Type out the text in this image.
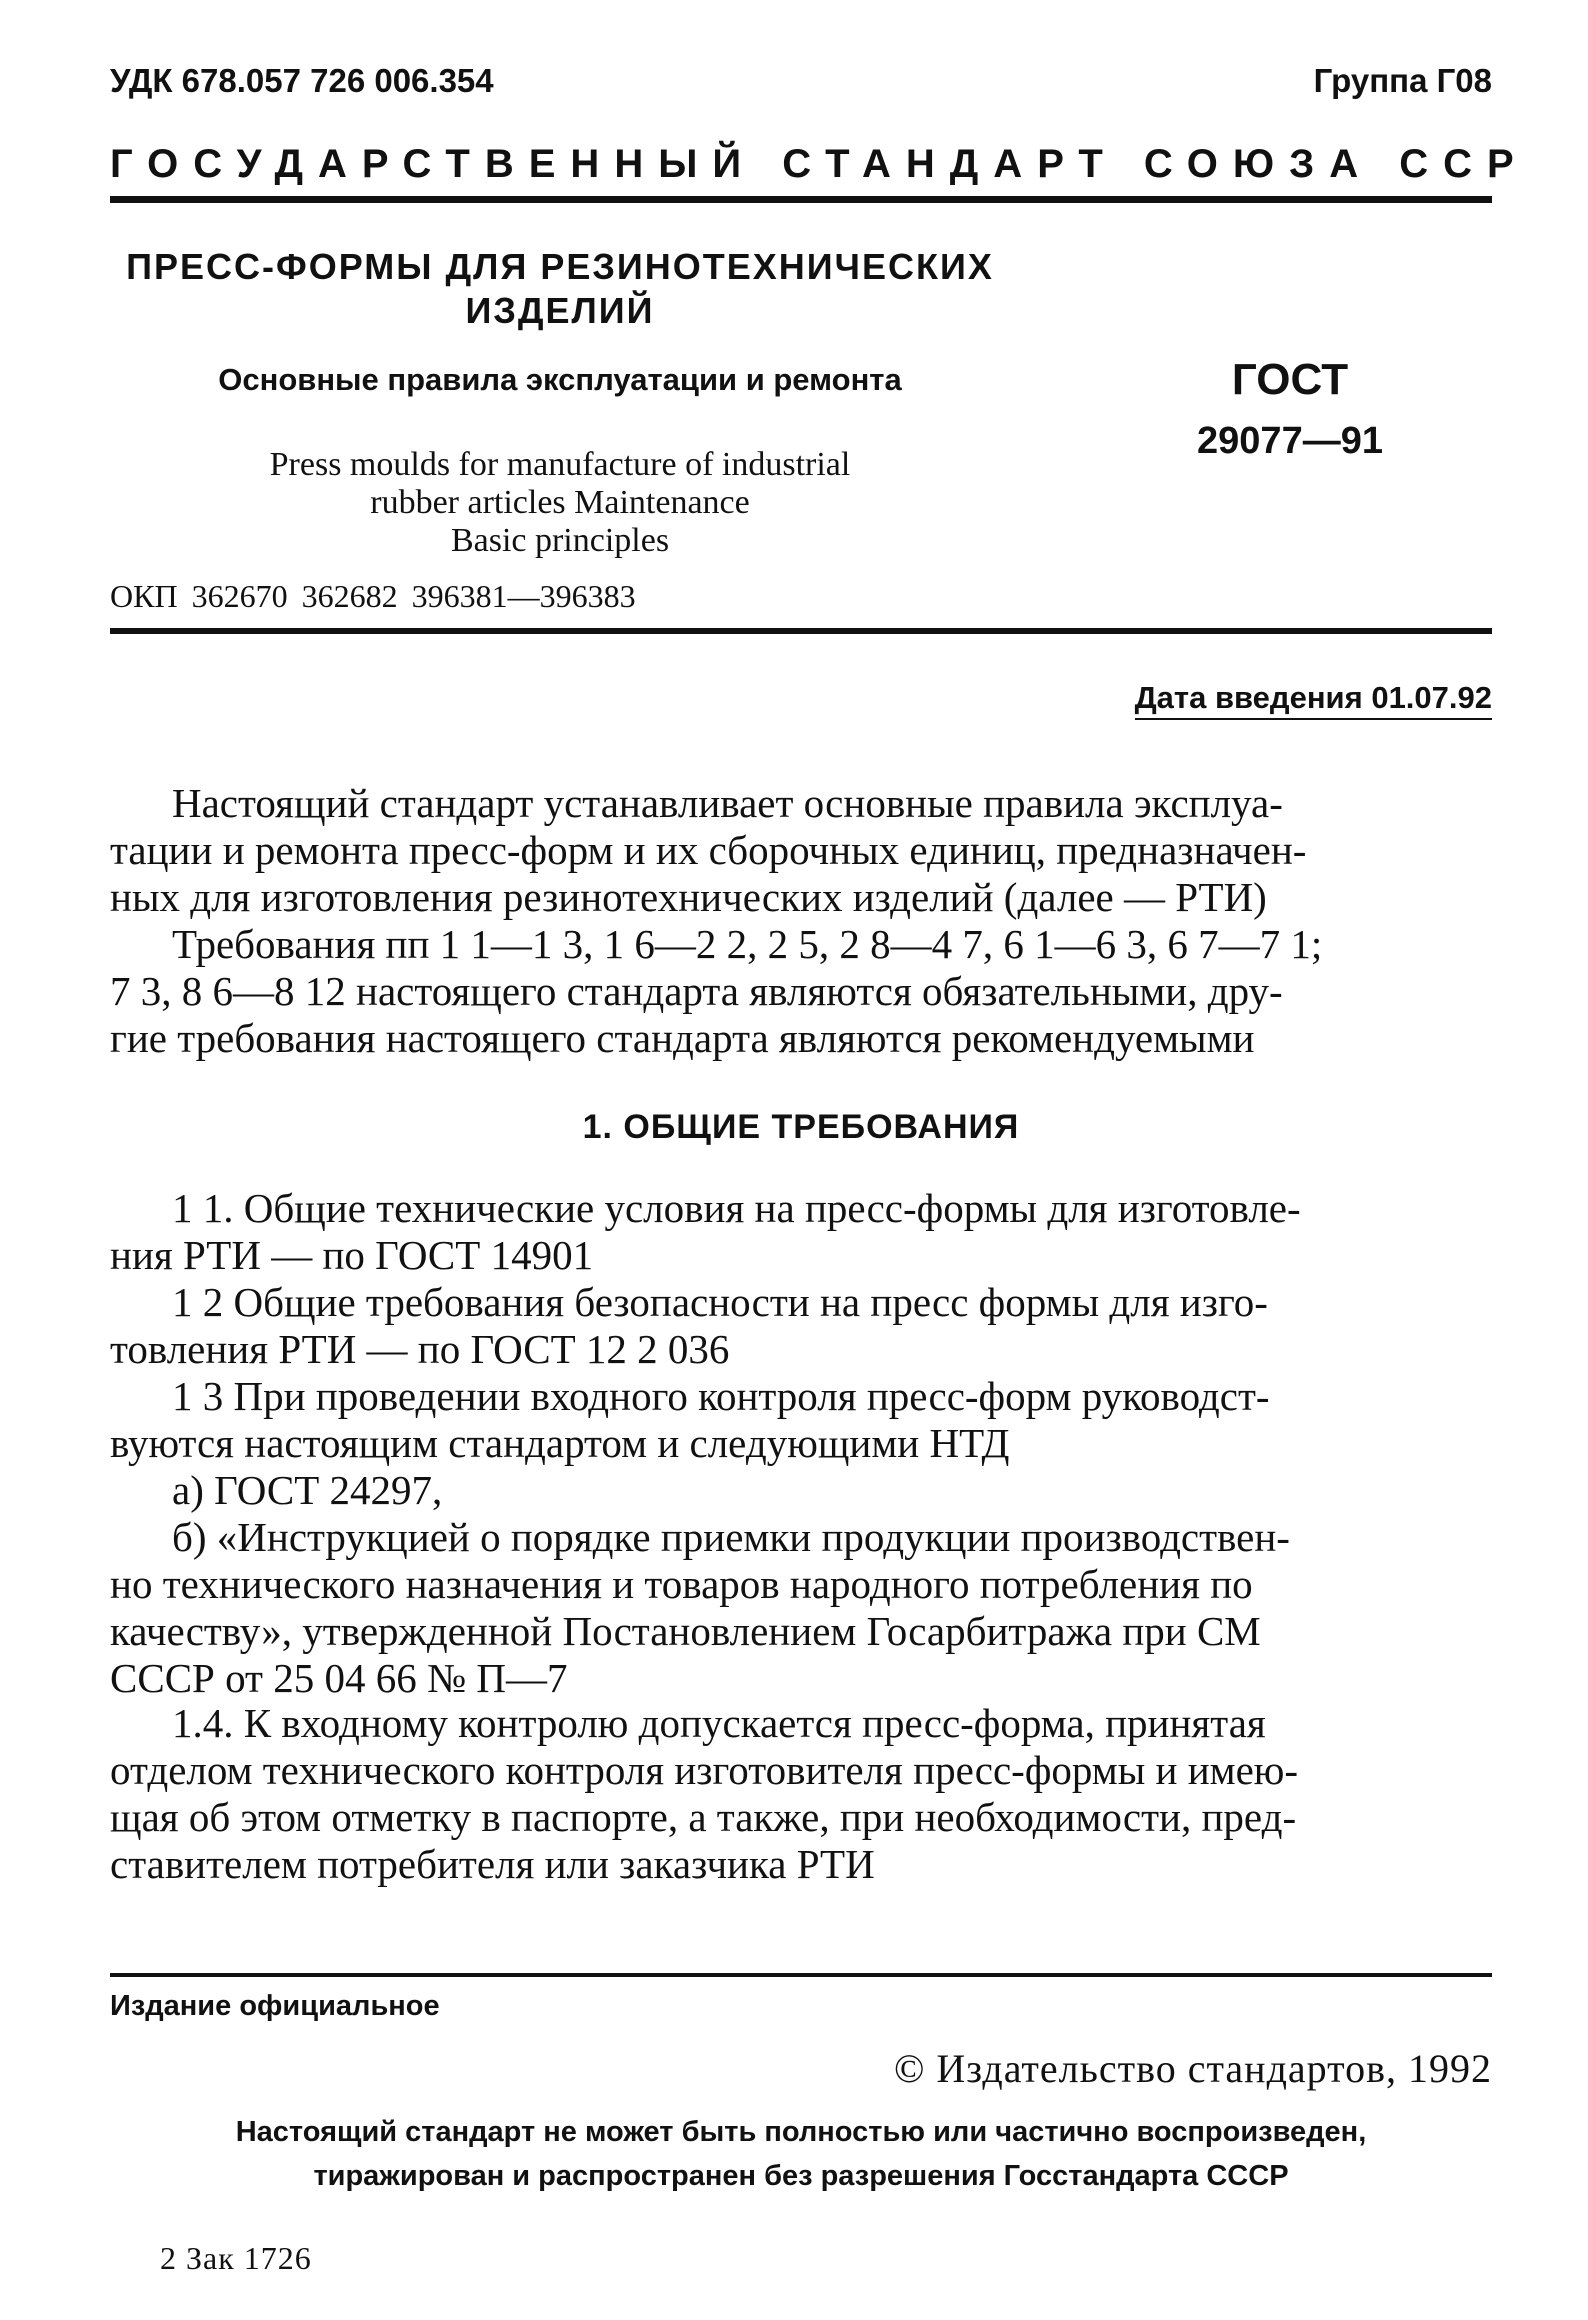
УДК 678.057 726 006.354	Группа Г08
ГОСУДАРСТВЕННЫЙ СТАНДАРТ СОЮЗА ССР
ПРЕСС-ФОРМЫ ДЛЯ РЕЗИНОТЕХНИЧЕСКИХ
ИЗДЕЛИЙ
Основные правила эксплуатации и ремонта
Press moulds for manufacture of industrial
rubber articles Maintenance
Basic principles
ГОСТ
29077—91
ОКП 362670 362682 396381—396383
Дата введения 01.07.92
Настоящий стандарт устанавливает основные правила эксплуа-
тации и ремонта пресс-форм и их сборочных единиц, предназначен-
ных для изготовления резинотехнических изделий (далее — РТИ)
Требования пп 1 1—1 3, 1 6—2 2, 2 5, 2 8—4 7, 6 1—6 3, 6 7—7 1;
7 3, 8 6—8 12 настоящего стандарта являются обязательными, дру-
гие требования настоящего стандарта являются рекомендуемыми
1. ОБЩИЕ ТРЕБОВАНИЯ
1 1. Общие технические условия на пресс-формы для изготовле-
ния РТИ — по ГОСТ 14901
1 2 Общие требования безопасности на пресс формы для изго-
товления РТИ — по ГОСТ 12 2 036
1 3 При проведении входного контроля пресс-форм руководст-
вуются настоящим стандартом и следующими НТД
а) ГОСТ 24297,
б) «Инструкцией о порядке приемки продукции производствен-
но технического назначения и товаров народного потребления по
качеству», утвержденной Постановлением Госарбитража при СМ
СССР от 25 04 66 № П—7
1.4. К входному контролю допускается пресс-форма, принятая
отделом технического контроля изготовителя пресс-формы и имею-
щая об этом отметку в паспорте, а также, при необходимости, пред-
ставителем потребителя или заказчика РТИ
Издание официальное
© Издательство стандартов, 1992
Настоящий стандарт не может быть полностью или частично воспроизведен,
тиражирован и распространен без разрешения Госстандарта СССР
2 Зак 1726
